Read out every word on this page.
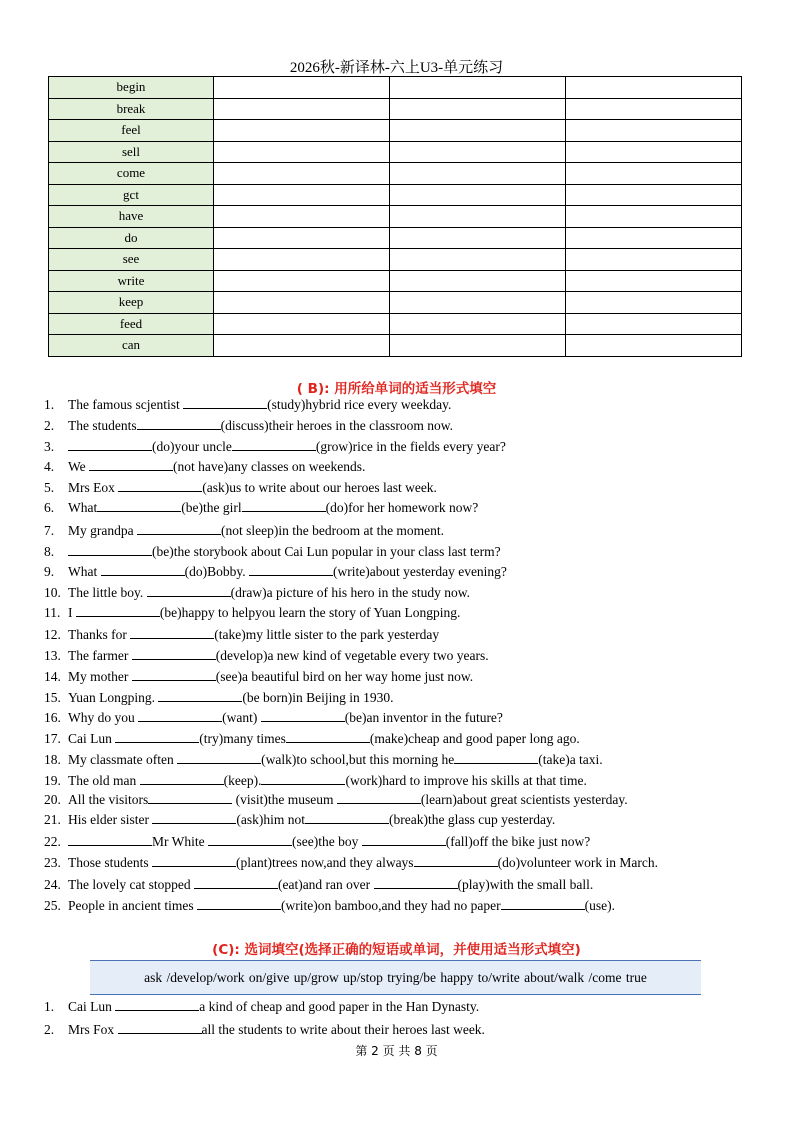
2026秋-新译林-六上U3-单元练习
begin			
break			
feel			
sell			
come			
gct			
have			
do			
see			
write			
keep			
feed			
can			
( B): 用所给单词的适当形式填空
1. The famous scjentist	(study)hybrid rice every weekday.
2. The students	(discuss)their heroes in the classroom now.
3.	(do)your uncle	(grow)rice in the fields every year?
4. We	(not have)any classes on weekends.
5. Mrs Eox	(ask)us to write about our heroes last week.
6. What	(be)the girl	(do)for her homework now?
7. My grandpa	(not sleep)in the bedroom at the moment.
8.	(be)the storybook about Cai Lun popular in your class last term?
9. What	(do)Bobby.	(write)about yesterday evening?
10. The little boy.	(draw)a picture of his hero in the study now.
11. I	(be)happy to helpyou learn the story of Yuan Longping.
12. Thanks for	(take)my little sister to the park yesterday
13. The farmer	(develop)a new kind of vegetable every two years.
14. My mother	(see)a beautiful bird on her way home just now.
15. Yuan Longping.	(be born)in Beijing in 1930.
16. Why do you	(want)	(be)an inventor in the future?
17. Cai Lun	(try)many times	(make)cheap and good paper long ago.
18. My classmate often	(walk)to school,but this morning he	(take)a taxi.
19. The old man	(keep).	(work)hard to improve his skills at that time.
20. All the visitors	(visit)the museum	(learn)about great scientists yesterday.
21. His elder sister	(ask)him not	(break)the glass cup yesterday.
22.	Mr White	(see)the boy	(fall)off the bike just now?
23. Those students	(plant)trees now,and they always	(do)volunteer work in March.
24. The lovely cat stopped	(eat)and ran over	(play)with the small ball.
25. People in ancient times	(write)on bamboo,and they had no paper	(use).
(C): 选词填空(选择正确的短语或单词，并使用适当形式填空)
ask /develop/work on/give up/grow up/stop trying/be happy to/write about/walk /come true
1. Cai Lun	a kind of cheap and good paper in the Han Dynasty.
2. Mrs Fox	all the students to write about their heroes last week.
第 2 页 共 8 页
